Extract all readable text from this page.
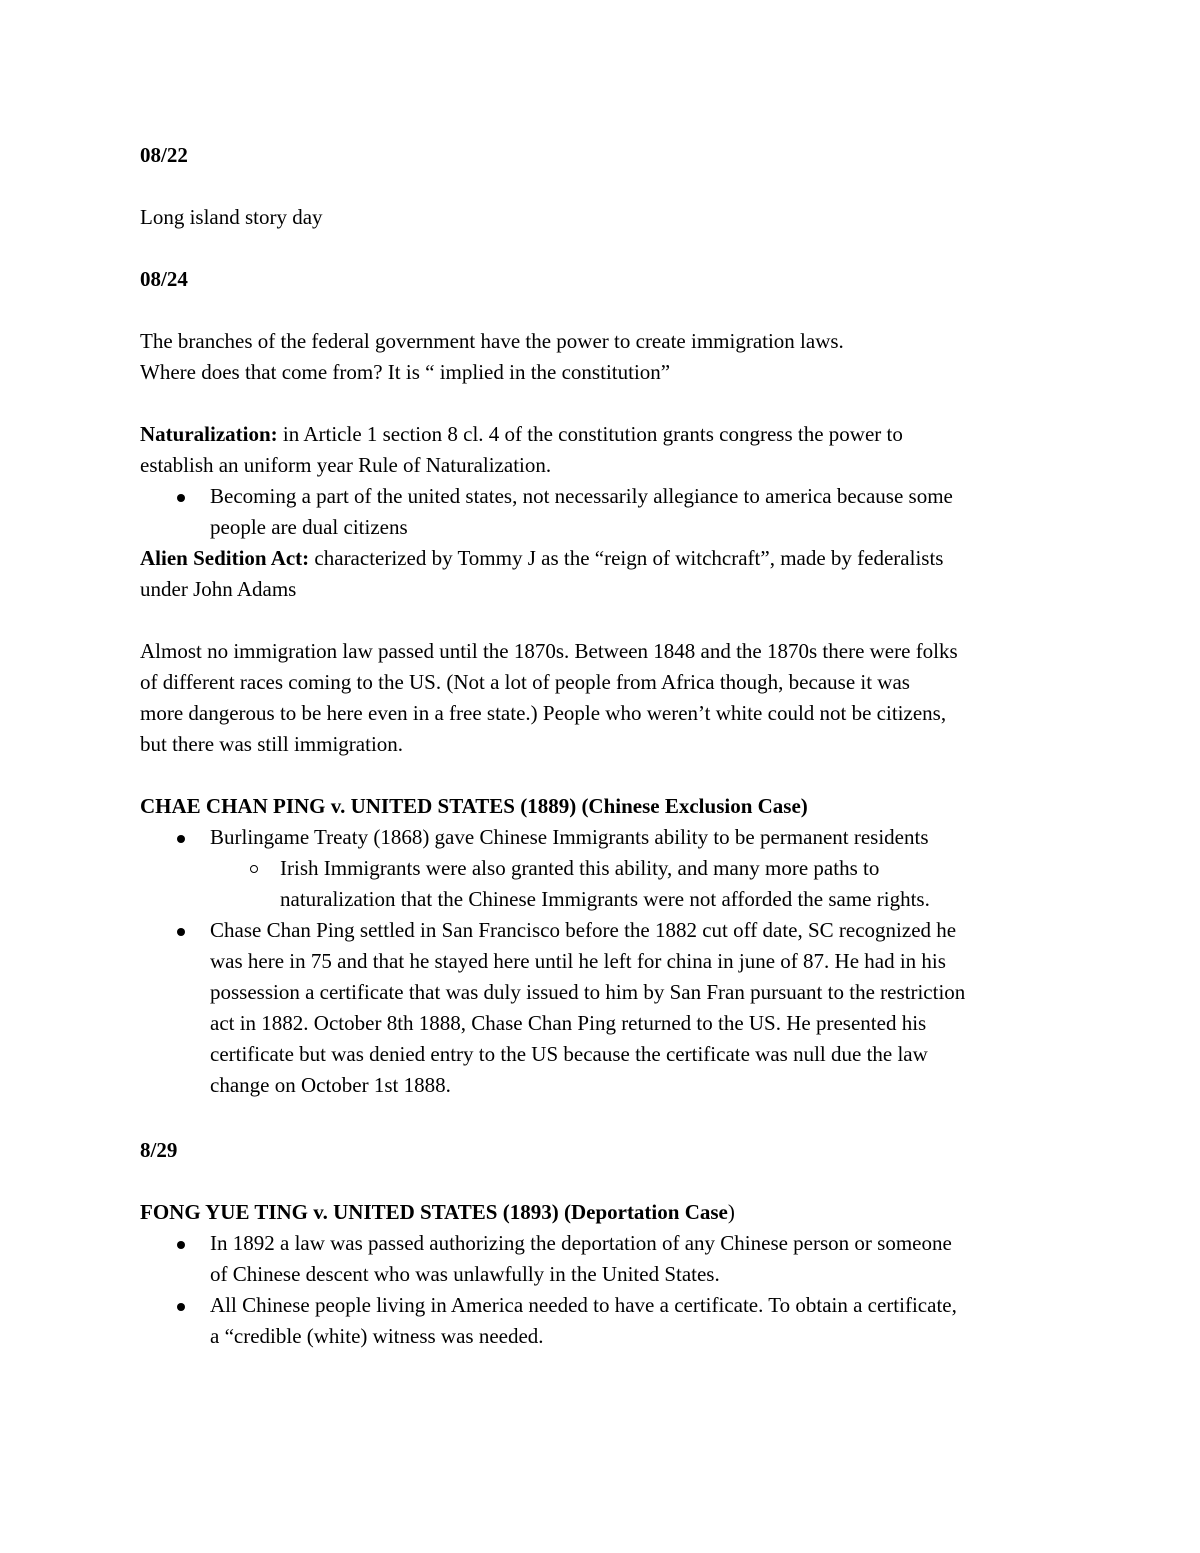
08/22
Long island story day
08/24
The branches of the federal government have the power to create immigration laws.
Where does that come from? It is “ implied in the constitution”
Naturalization: in Article 1 section 8 cl. 4 of the constitution grants congress the power to
establish an uniform year Rule of Naturalization.
Becoming a part of the united states, not necessarily allegiance to america because some
people are dual citizens
Alien Sedition Act: characterized by Tommy J as the “reign of witchcraft”, made by federalists
under John Adams
Almost no immigration law passed until the 1870s. Between 1848 and the 1870s there were folks
of different races coming to the US. (Not a lot of people from Africa though, because it was
more dangerous to be here even in a free state.) People who weren’t white could not be citizens,
but there was still immigration.
CHAE CHAN PING v. UNITED STATES (1889) (Chinese Exclusion Case)
Burlingame Treaty (1868) gave Chinese Immigrants ability to be permanent residents
Irish Immigrants were also granted this ability, and many more paths to
naturalization that the Chinese Immigrants were not afforded the same rights.
Chase Chan Ping settled in San Francisco before the 1882 cut off date, SC recognized he
was here in 75 and that he stayed here until he left for china in june of 87. He had in his
possession a certificate that was duly issued to him by San Fran pursuant to the restriction
act in 1882. October 8th 1888, Chase Chan Ping returned to the US. He presented his
certificate but was denied entry to the US because the certificate was null due the law
change on October 1st 1888.
8/29
FONG YUE TING v. UNITED STATES (1893) (Deportation Case)
In 1892 a law was passed authorizing the deportation of any Chinese person or someone
of Chinese descent who was unlawfully in the United States.
All Chinese people living in America needed to have a certificate. To obtain a certificate,
a “credible (white) witness was needed.
